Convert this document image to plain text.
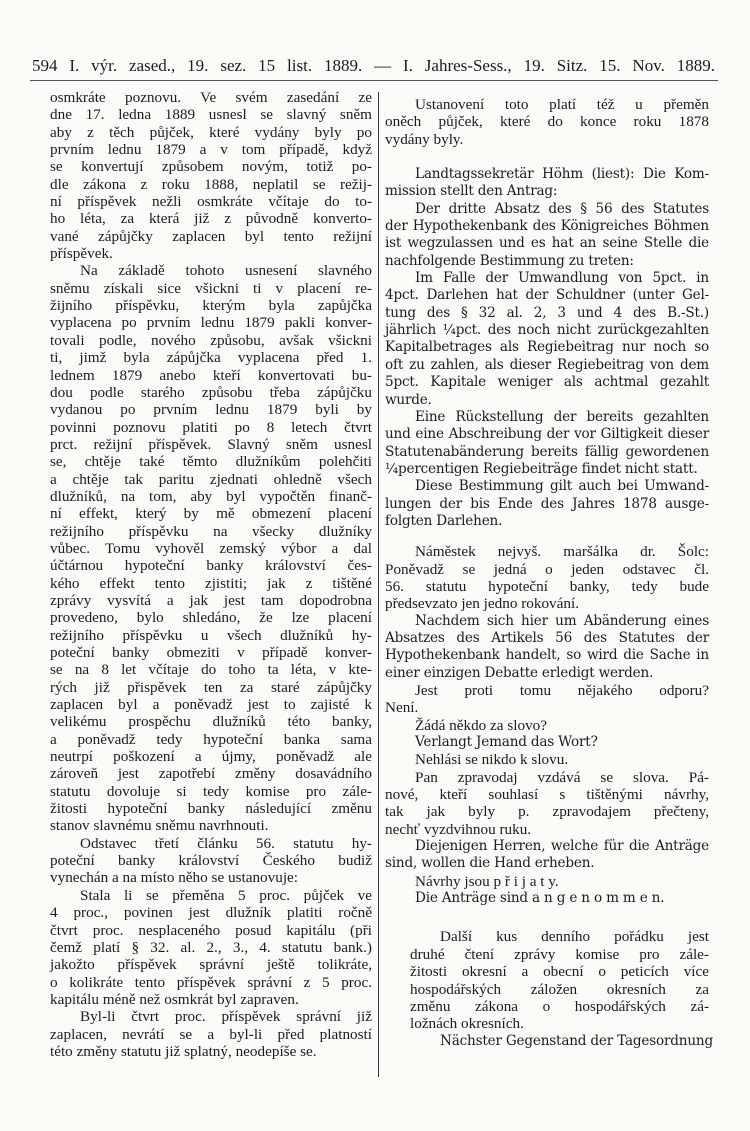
594 I. výr. zased., 19. sez. 15 list. 1889. — I. Jahres-Sess., 19. Sitz. 15. Nov. 1889.
osmkráte poznovu. Ve svém zasedání ze
dne 17. ledna 1889 usnesl se slavný sněm
aby z těch půjček, které vydány byly po
prvním lednu 1879 a v tom případě, když
se konvertují způsobem novým, totiž po-
dle zákona z roku 1888, neplatil se režij-
ní příspěvek nežli osmkráte včítaje do to-
ho léta, za která již z původně konverto-
vané zápůjčky zaplacen byl tento režijní
příspěvek.
Na základě tohoto usnesení slavného
sněmu získali sice všickni ti v placení re-
žijního příspěvku, kterým byla zapůjčka
vyplacena po prvním lednu 1879 pakli konver-
tovali podle, nového způsobu, avšak všickni
ti, jimž byla zápůjčka vyplacena před 1.
lednem 1879 anebo kteří konvertovati bu-
dou podle starého způsobu třeba zápůjčku
vydanou po prvním lednu 1879 byli by
povinni poznovu platiti po 8 letech čtvrt
prct. režijní příspěvek. Slavný sněm usnesl
se, chtěje také těmto dlužníkům polehčiti
a chtěje tak paritu zjednati ohledně všech
dlužníků, na tom, aby byl vypočtěn finanč-
ní effekt, který by mě obmezení placení
režijního příspěvku na všecky dlužníky
vůbec. Tomu vyhověl zemský výbor a dal
účtárnou hypoteční banky království čes-
kého effekt tento zjistiti; jak z tištěné
zprávy vysvítá a jak jest tam dopodrobna
provedeno, bylo shledáno, že lze placení
režijního příspěvku u všech dlužníků hy-
poteční banky obmeziti v případě konver-
se na 8 let včítaje do toho ta léta, v kte-
rých již přispěvek ten za staré zápůjčky
zaplacen byl a poněvadž jest to zajisté k
velikému prospěchu dlužníků této banky,
a poněvadž tedy hypoteční banka sama
neutrpí poškození a újmy, poněvadž ale
zároveň jest zapotřebí změny dosavádního
statutu dovoluje si tedy komise pro zále-
žitosti hypoteční banky následující změnu
stanov slavnému sněmu navrhnouti.
Odstavec třetí článku 56. statutu hy-
poteční banky království Českého budiž
vynechán a na místo něho se ustanovuje:
Stala li se přeměna 5 proc. půjček ve
4 proc., povinen jest dlužník platiti ročně
čtvrt proc. nesplaceného posud kapitálu (při
čemž platí § 32. al. 2., 3., 4. statutu bank.)
jakožto příspěvek správní ještě tolikráte,
o kolikráte tento příspěvek správní z 5 proc.
kapitálu méně než osmkrát byl zapraven.
Byl-li čtvrt proc. příspěvek správní již
zaplacen, nevrátí se a byl-li před platností
této změny statutu již splatný, neodepíše se.
Ustanovení toto platí též u přeměn
oněch půjček, které do konce roku 1878
vydány byly.
Landtagssekretär Höhm (liest): Die Kom-
mission stellt den Antrag:
Der dritte Absatz des § 56 des Statutes
der Hypothekenbank des Königreiches Böhmen
ist wegzulassen und es hat an seine Stelle die
nachfolgende Bestimmung zu treten:
Im Falle der Umwandlung von 5pct. in
4pct. Darlehen hat der Schuldner (unter Gel-
tung des § 32 al. 2, 3 und 4 des B.-St.)
jährlich ¼pct. des noch nicht zurückgezahlten
Kapitalbetrages als Regiebeitrag nur noch so
oft zu zahlen, als dieser Regiebeitrag von dem
5pct. Kapitale weniger als achtmal gezahlt
wurde.
Eine Rückstellung der bereits gezahlten
und eine Abschreibung der vor Giltigkeit dieser
Statutenabänderung bereits fällig gewordenen
¼percentigen Regiebeiträge findet nicht statt.
Diese Bestimmung gilt auch bei Umwand-
lungen der bis Ende des Jahres 1878 ausge-
folgten Darlehen.
Náměstek nejvyš. maršálka dr. Šolc:
Poněvadž se jedná o jeden odstavec čl.
56. statutu hypoteční banky, tedy bude
předsevzato jen jedno rokování.
Nachdem sich hier um Abänderung eines
Absatzes des Artikels 56 des Statutes der
Hypothekenbank handelt, so wird die Sache in
einer einzigen Debatte erledigt werden.
Jest proti tomu nějakého odporu?
Není.
Žádá někdo za slovo?
Verlangt Jemand das Wort?
Nehlási se nikdo k slovu.
Pan zpravodaj vzdává se slova. Pá-
nové, kteří souhlasí s tištěnými návrhy,
tak jak byly p. zpravodajem přečteny,
nechť vyzdvihnou ruku.
Diejenigen Herren, welche für die Anträge
sind, wollen die Hand erheben.
Návrhy jsou p ř i j a t y.
Die Anträge sind a n g e n o m m e n.
Další kus denního pořádku jest
druhé čtení zprávy komise pro zále-
žitosti okresní a obecní o peticích více
hospodářských záložen okresních za
změnu zákona o hospodářských zá-
ložnách okresních.
Nächster Gegenstand der Tagesordnung
